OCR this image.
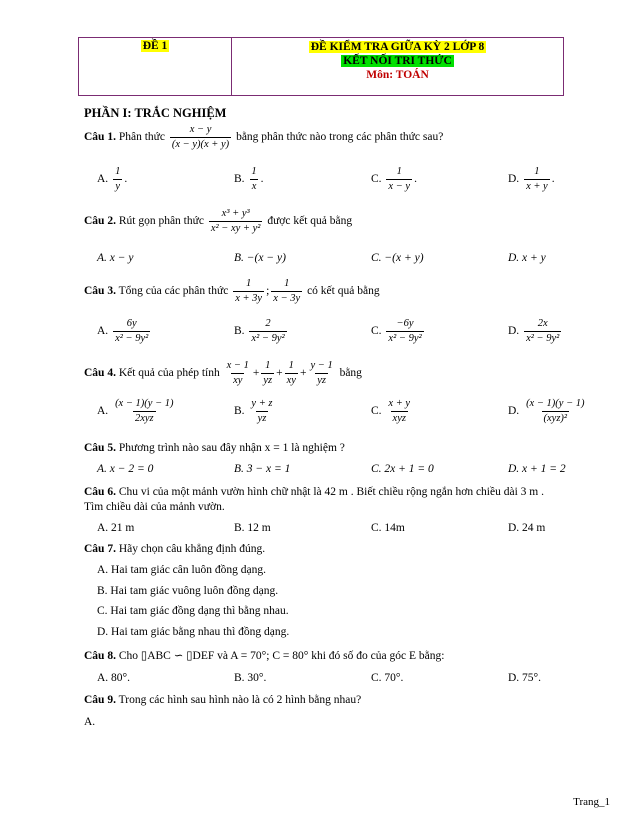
ĐỀ 1	ĐỀ KIỂM TRA GIỮA KỲ 2 LỚP 8
KẾT NỐI TRI THỨC
Môn: TOÁN
PHẦN I: TRẮC NGHIỆM
Câu 1. Phân thức $\frac{x - y}{(x - y)(x + y)}$ bằng phân thức nào trong các phân thức sau?
A. $\frac{1}{y}$ .	B. $\frac{1}{x}$ .	C. $\frac{1}{x - y}$ .	D. $\frac{1}{x + y}$ .
Câu 2. Rút gọn phân thức $\frac{\text{x³ + y³}}{\text{x² − xy + y²}}$ được kết quả bằng
A. x − y	B. −(x − y)	C. −(x + y)	D. x + y
Câu 3. Tổng của các phân thức $\frac{1}{x + 3y}$ ; $\frac{1}{x - 3y}$ có kết quả bằng
A. $\frac{6y}{\text{x² − 9y²}}$	B. $\frac{2}{\text{x² − 9y²}}$	C. $\frac{-6y}{\text{x² − 9y²}}$	D. $\frac{2x}{\text{x² − 9y²}}$
Câu 4. Kết quả của phép tính $\frac{x - 1}{xy} + \frac{1}{yz} + \frac{1}{xy} + \frac{y - 1}{yz}$ bằng
A. $\frac{(x - 1)(y - 1)}{\text{2xyz}}$	B. $\frac{y + z}{yz}$	C. $\frac{x + y}{\text{xyz}}$	D. $\frac{(x - 1)(y - 1)}{\text{(xyz)²}}$
Câu 5. Phương trình nào sau đây nhận x = 1 là nghiệm ?
A. x − 2 = 0	B. 3 − x = 1	C. 2x + 1 = 0	D. x + 1 = 2
Câu 6. Chu vi của một mảnh vườn hình chữ nhật là 42 m . Biết chiều rộng ngắn hơn chiều dài 3 m .
Tìm chiều dài của mảnh vườn.
A. 21 m	B. 12 m	C. 14m	D. 24 m
Câu 7. Hãy chọn câu khẳng định đúng.
A. Hai tam giác cân luôn đồng dạng.
B. Hai tam giác vuông luôn đồng dạng.
C. Hai tam giác đồng dạng thì bằng nhau.
D. Hai tam giác bằng nhau thì đồng dạng.
Câu 8. Cho ▯ABC ∽ ▯DEF và A = 70°; C = 80° khi đó số đo của góc E bằng:
A. 80°.	B. 30°.	C. 70°.	D. 75°.
Câu 9. Trong các hình sau hình nào là có 2 hình bằng nhau?
A.
Trang_1
